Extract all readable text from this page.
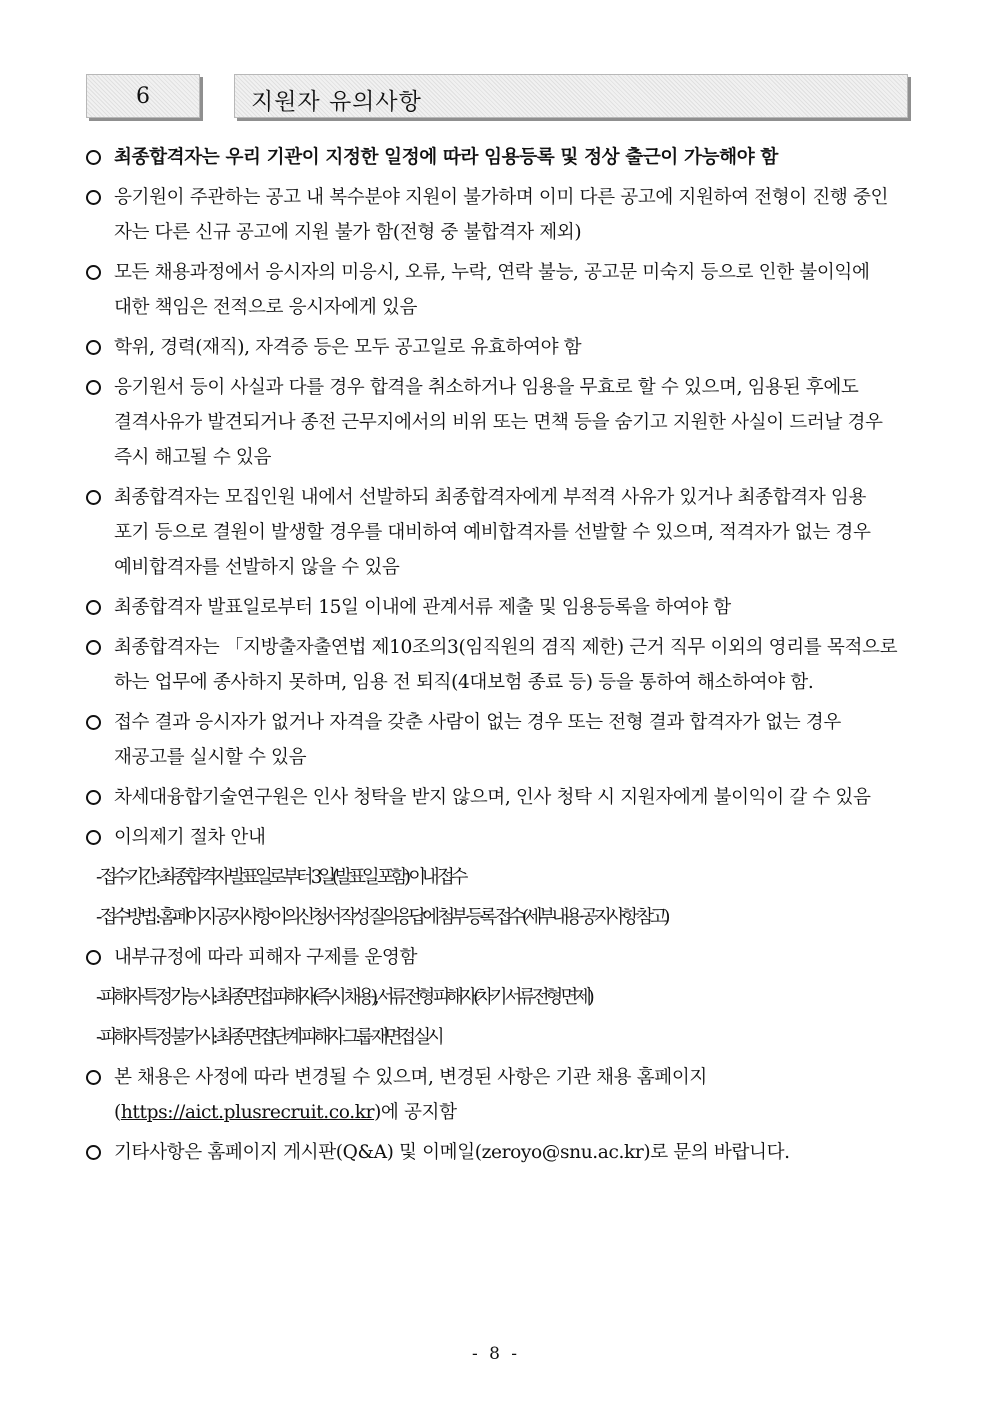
6	지원자 유의사항
최종합격자는 우리 기관이 지정한 일정에 따라 임용등록 및 정상 출근이 가능해야 함
응기원이 주관하는 공고 내 복수분야 지원이 불가하며 이미 다른 공고에 지원하여 전형이 진행 중인
자는 다른 신규 공고에 지원 불가 함(전형 중 불합격자 제외)
모든 채용과정에서 응시자의 미응시, 오류, 누락, 연락 불능, 공고문 미숙지 등으로 인한 불이익에
대한 책임은 전적으로 응시자에게 있음
학위, 경력(재직), 자격증 등은 모두 공고일로 유효하여야 함
응기원서 등이 사실과 다를 경우 합격을 취소하거나 임용을 무효로 할 수 있으며, 임용된 후에도
결격사유가 발견되거나 종전 근무지에서의 비위 또는 면책 등을 숨기고 지원한 사실이 드러날 경우
즉시 해고될 수 있음
최종합격자는 모집인원 내에서 선발하되 최종합격자에게 부적격 사유가 있거나 최종합격자 임용
포기 등으로 결원이 발생할 경우를 대비하여 예비합격자를 선발할 수 있으며, 적격자가 없는 경우
예비합격자를 선발하지 않을 수 있음
최종합격자 발표일로부터 15일 이내에 관계서류 제출 및 임용등록을 하여야 함
최종합격자는 「지방출자출연법 제10조의3(임직원의 겸직 제한) 근거 직무 이외의 영리를 목적으로
하는 업무에 종사하지 못하며, 임용 전 퇴직(4대보험 종료 등) 등을 통하여 해소하여야 함.
접수 결과 응시자가 없거나 자격을 갖춘 사람이 없는 경우 또는 전형 결과 합격자가 없는 경우
재공고를 실시할 수 있음
차세대융합기술연구원은 인사 청탁을 받지 않으며, 인사 청탁 시 지원자에게 불이익이 갈 수 있음
이의제기 절차 안내
- 접수기간 : 최종합격자 발표일로부터 3일(발표일 포함) 이내 접수
- 접수방법 : 홈페이지 공지사항 이의신청서 작성 질의응답에 첨부 등록 접수(세부내용 공지사항 참고)
내부규정에 따라 피해자 구제를 운영함
- 피해자 특정 가능 시: 최종면접 피해자(즉시 채용), 서류전형 피해자(차기 서류전형 면제)
- 피해자 특정 불가 시: 최종 면접단계 피해자 그룹 재면접 실시
본 채용은 사정에 따라 변경될 수 있으며, 변경된 사항은 기관 채용 홈페이지
(https://aict.plusrecruit.co.kr)에 공지함
기타사항은 홈페이지 게시판(Q&A) 및 이메일(zeroyo@snu.ac.kr)로 문의 바랍니다.
- 8 -
